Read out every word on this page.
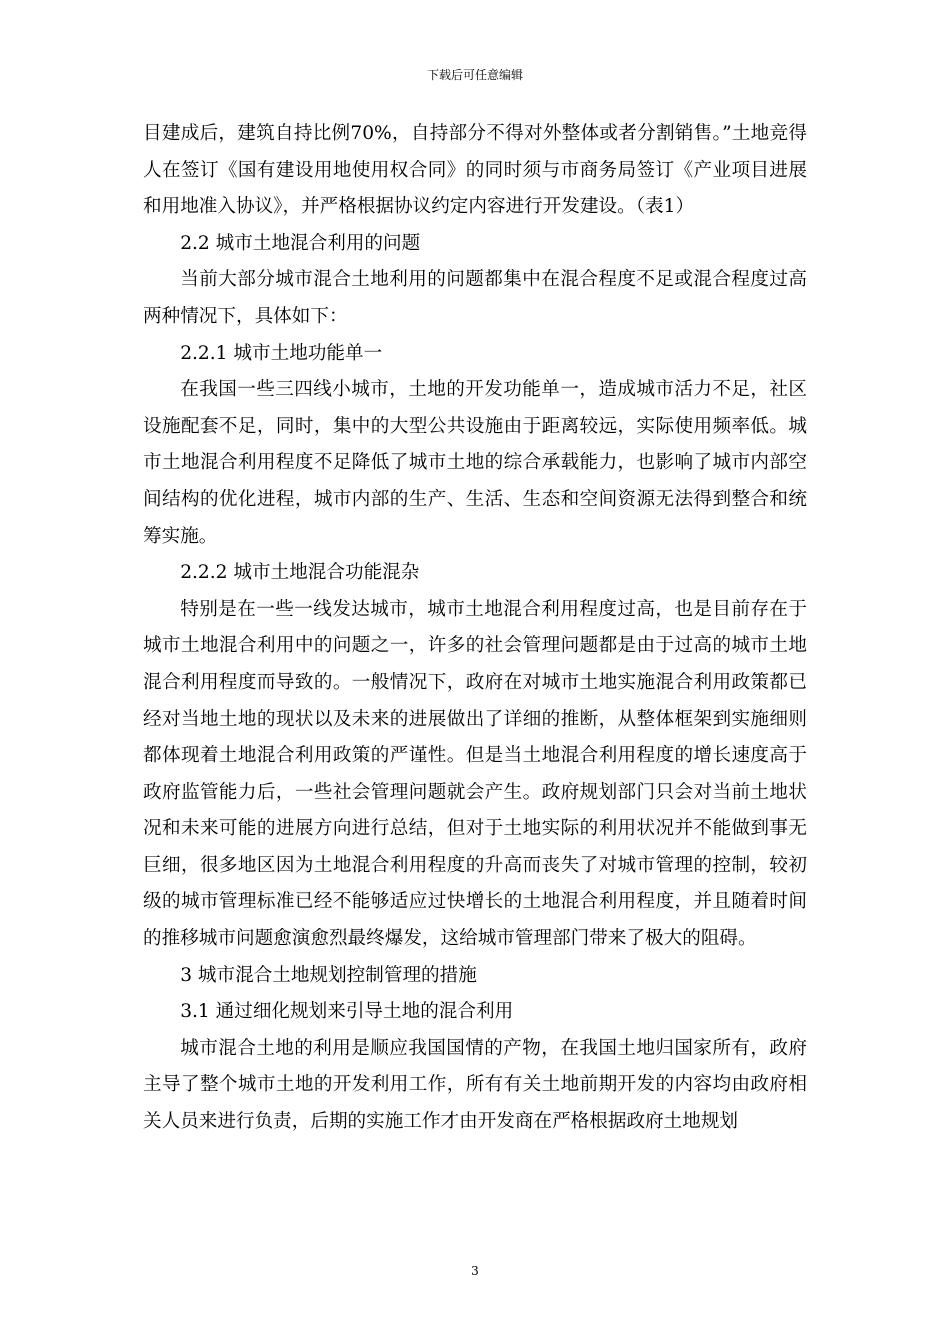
下载后可任意编辑

目建成后，建筑自持比例70%，自持部分不得对外整体或者分割销售。”土地竞得人在签订《国有建设用地使用权合同》的同时须与市商务局签订《产业项目进展和用地准入协议》，并严格根据协议约定内容进行开发建设。（表1）

2.2 城市土地混合利用的问题

当前大部分城市混合土地利用的问题都集中在混合程度不足或混合程度过高两种情况下，具体如下：

2.2.1 城市土地功能单一

在我国一些三四线小城市，土地的开发功能单一，造成城市活力不足，社区设施配套不足，同时，集中的大型公共设施由于距离较远，实际使用频率低。城市土地混合利用程度不足降低了城市土地的综合承载能力，也影响了城市内部空间结构的优化进程，城市内部的生产、生活、生态和空间资源无法得到整合和统筹实施。

2.2.2 城市土地混合功能混杂

特别是在一些一线发达城市，城市土地混合利用程度过高，也是目前存在于城市土地混合利用中的问题之一，许多的社会管理问题都是由于过高的城市土地混合利用程度而导致的。一般情况下，政府在对城市土地实施混合利用政策都已经对当地土地的现状以及未来的进展做出了详细的推断，从整体框架到实施细则都体现着土地混合利用政策的严谨性。但是当土地混合利用程度的增长速度高于政府监管能力后，一些社会管理问题就会产生。政府规划部门只会对当前土地状况和未来可能的进展方向进行总结，但对于土地实际的利用状况并不能做到事无巨细，很多地区因为土地混合利用程度的升高而丧失了对城市管理的控制，较初级的城市管理标准已经不能够适应过快增长的土地混合利用程度，并且随着时间的推移城市问题愈演愈烈最终爆发，这给城市管理部门带来了极大的阻碍。

3 城市混合土地规划控制管理的措施

3.1 通过细化规划来引导土地的混合利用

城市混合土地的利用是顺应我国国情的产物，在我国土地归国家所有，政府主导了整个城市土地的开发利用工作，所有有关土地前期开发的内容均由政府相关人员来进行负责，后期的实施工作才由开发商在严格根据政府土地规划

3
